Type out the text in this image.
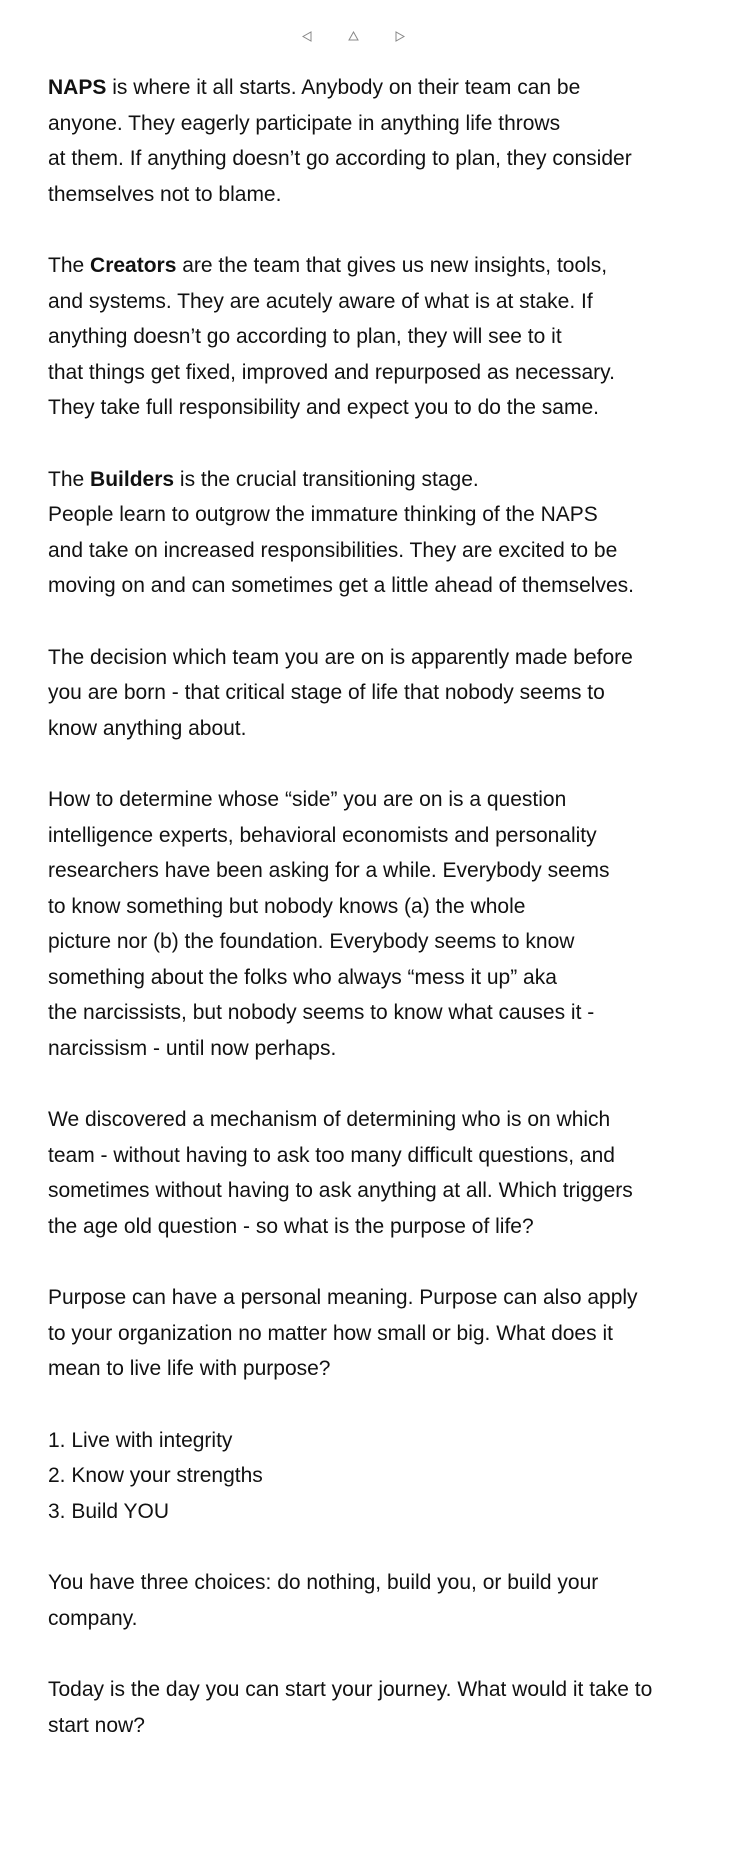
NAPS is where it all starts. Anybody on their team can be
anyone. They eagerly participate in anything life throws
at them. If anything doesn’t go according to plan, they consider
themselves not to blame.

The Creators are the team that gives us new insights, tools,
and systems. They are acutely aware of what is at stake. If
anything doesn’t go according to plan, they will see to it
that things get fixed, improved and repurposed as necessary.
They take full responsibility and expect you to do the same.

The Builders is the crucial transitioning stage.
People learn to outgrow the immature thinking of the NAPS
and take on increased responsibilities. They are excited to be
moving on and can sometimes get a little ahead of themselves.

The decision which team you are on is apparently made before
you are born - that critical stage of life that nobody seems to
know anything about.

How to determine whose “side” you are on is a question
intelligence experts, behavioral economists and personality
researchers have been asking for a while. Everybody seems
to know something but nobody knows (a) the whole
picture nor (b) the foundation. Everybody seems to know
something about the folks who always “mess it up” aka
the narcissists, but nobody seems to know what causes it -
narcissism - until now perhaps.

We discovered a mechanism of determining who is on which
team - without having to ask too many difficult questions, and
sometimes without having to ask anything at all. Which triggers
the age old question - so what is the purpose of life?

Purpose can have a personal meaning. Purpose can also apply
to your organization no matter how small or big. What does it
mean to live life with purpose?

1. Live with integrity
2. Know your strengths
3. Build YOU

You have three choices: do nothing, build you, or build your
company.

Today is the day you can start your journey. What would it take to
start now?
